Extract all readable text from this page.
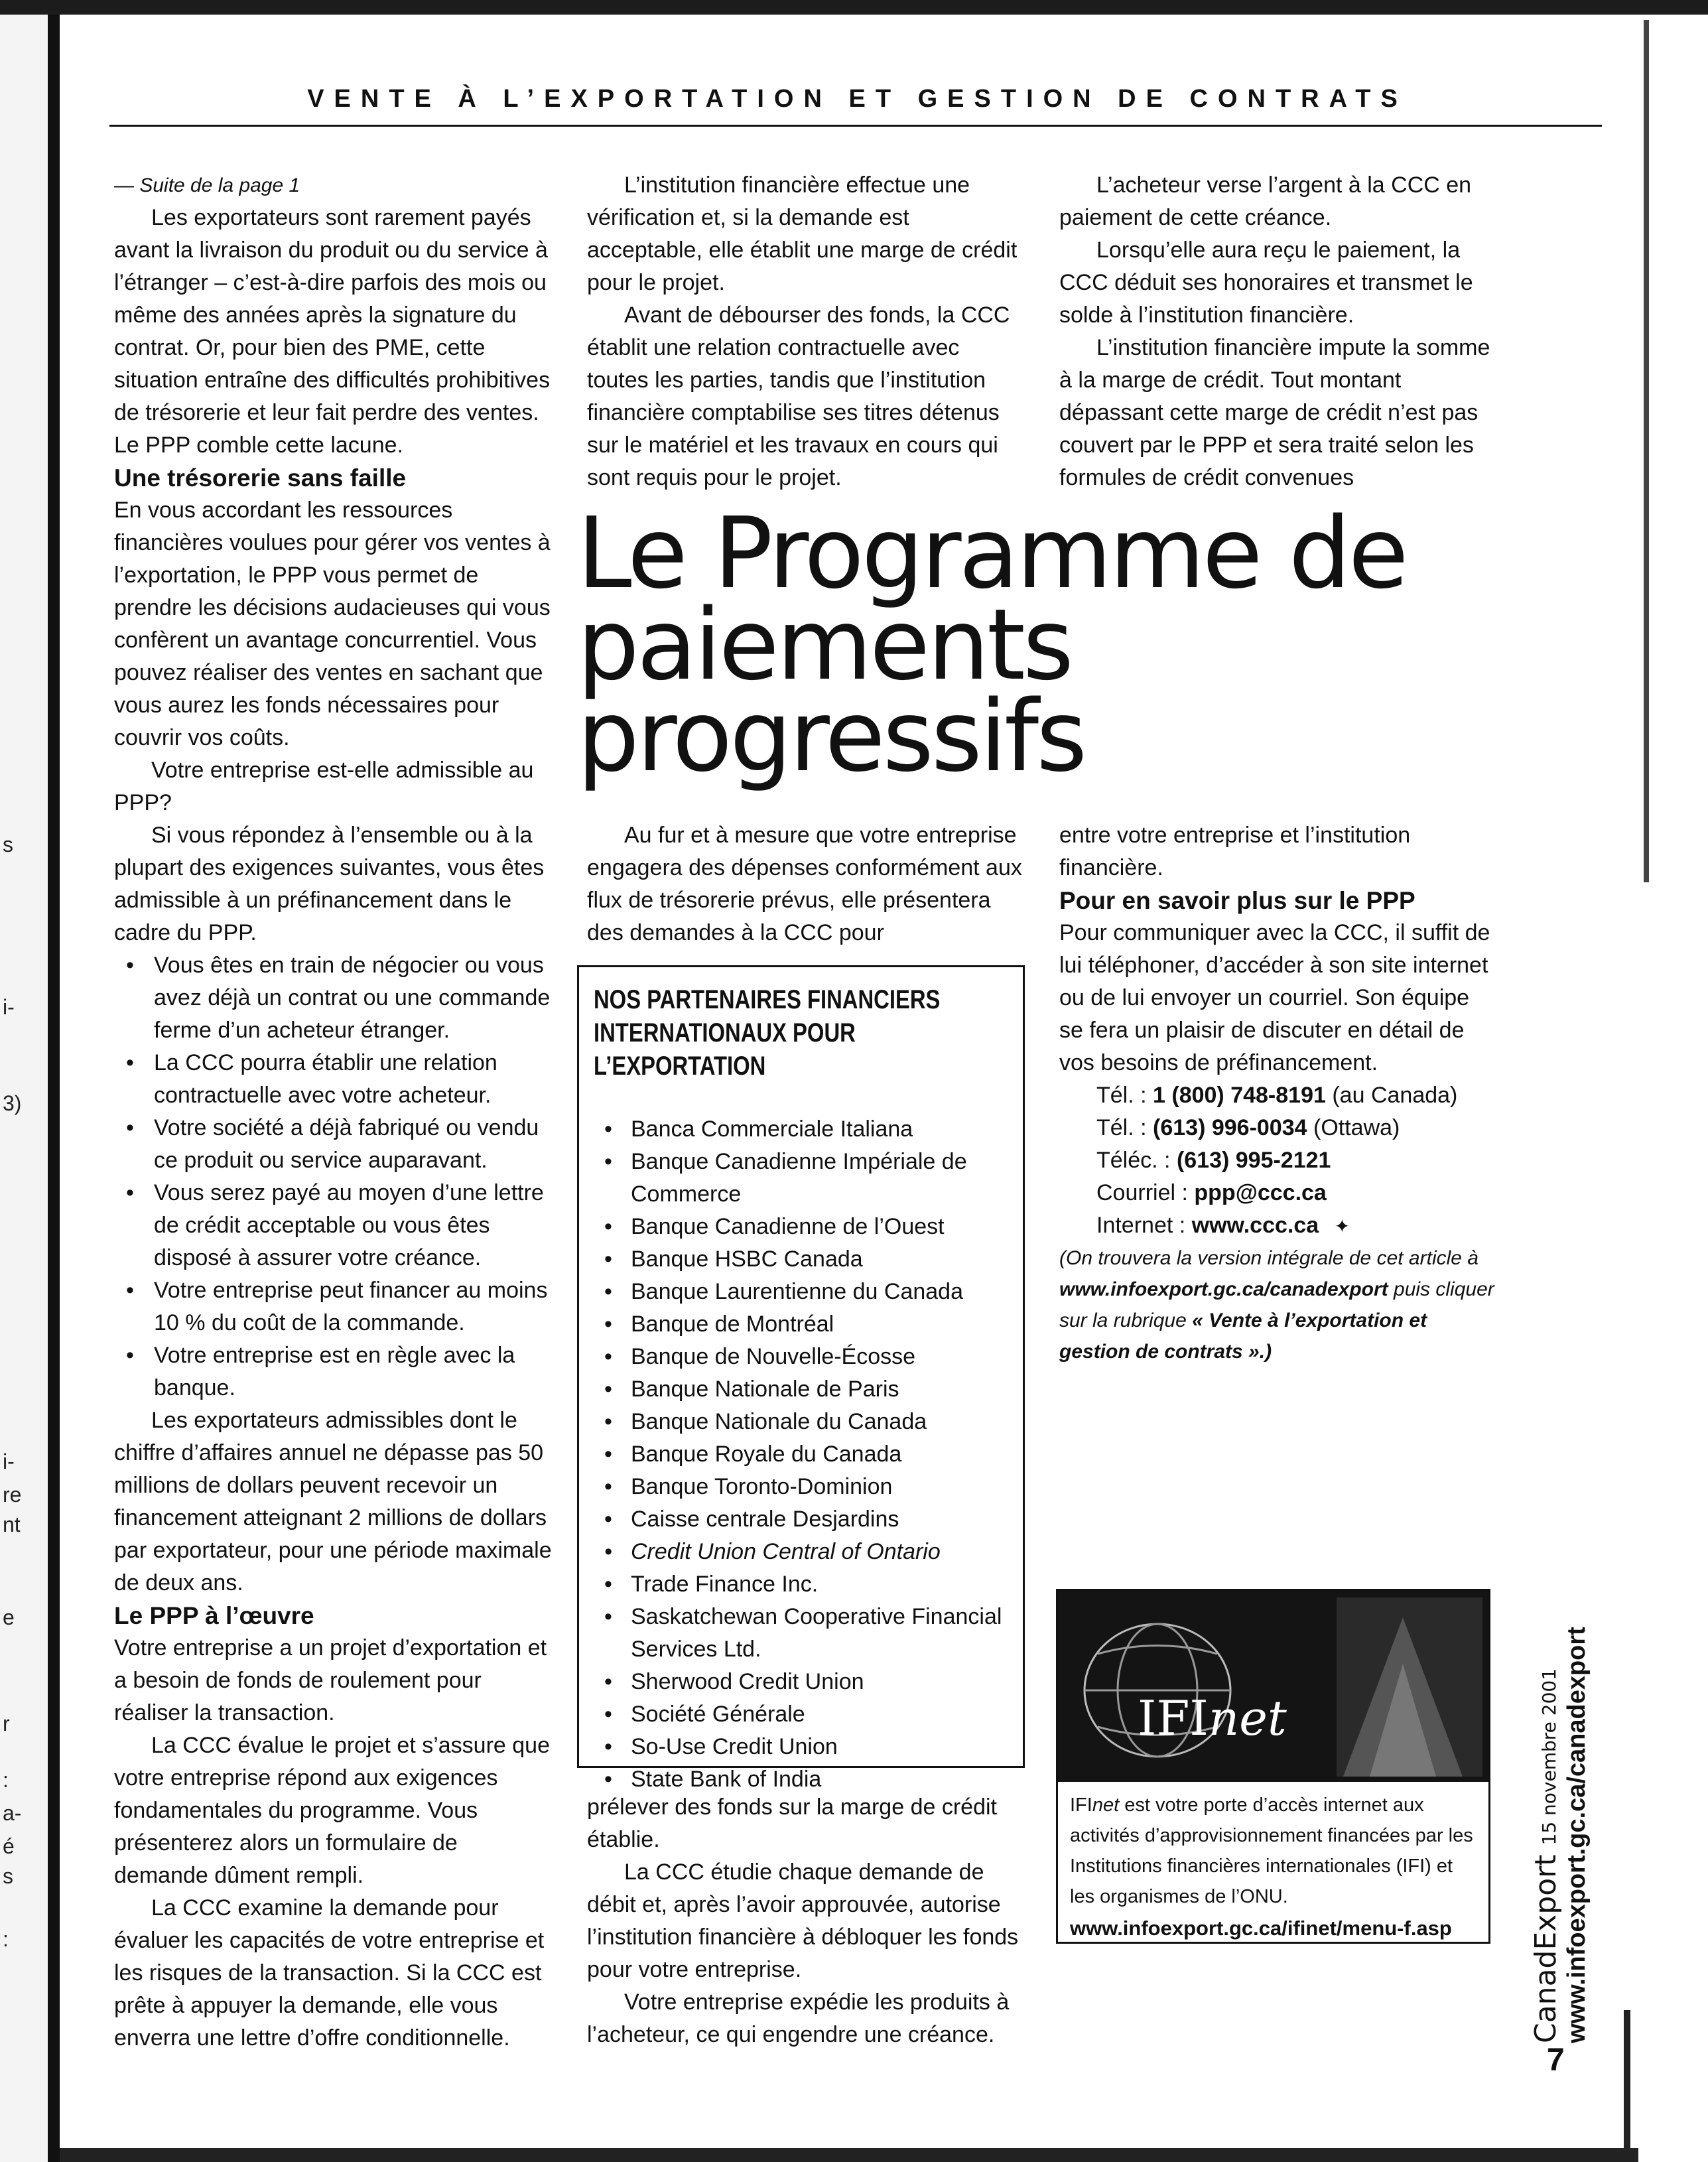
s
i-
3)
i-
re
nt
e
r
:
a-
é
s
:
VENTE À L’EXPORTATION ET GESTION DE CONTRATS

— Suite de la page 1

Les exportateurs sont rarement payés avant la livraison du produit ou du service à l’étranger – c’est-à-dire parfois des mois ou même des années après la signature du contrat. Or, pour bien des PME, cette situation entraîne des difficultés prohibitives de trésorerie et leur fait perdre des ventes. Le PPP comble cette lacune.

Une trésorerie sans faille

En vous accordant les ressources financières voulues pour gérer vos ventes à l’exportation, le PPP vous permet de prendre les décisions audacieuses qui vous confèrent un avantage concurrentiel. Vous pouvez réaliser des ventes en sachant que vous aurez les fonds nécessaires pour couvrir vos coûts.

Votre entreprise est-elle admissible au PPP?

Si vous répondez à l’ensemble ou à la plupart des exigences suivantes, vous êtes admissible à un préfinancement dans le cadre du PPP.

• Vous êtes en train de négocier ou vous avez déjà un contrat ou une commande ferme d’un acheteur étranger.
• La CCC pourra établir une relation contractuelle avec votre acheteur.
• Votre société a déjà fabriqué ou vendu ce produit ou service auparavant.
• Vous serez payé au moyen d’une lettre de crédit acceptable ou vous êtes disposé à assurer votre créance.
• Votre entreprise peut financer au moins 10 % du coût de la commande.
• Votre entreprise est en règle avec la banque.

Les exportateurs admissibles dont le chiffre d’affaires annuel ne dépasse pas 50 millions de dollars peuvent recevoir un financement atteignant 2 millions de dollars par exportateur, pour une période maximale de deux ans.

Le PPP à l’œuvre

Votre entreprise a un projet d’exportation et a besoin de fonds de roulement pour réaliser la transaction.

La CCC évalue le projet et s’assure que votre entreprise répond aux exigences fondamentales du programme. Vous présenterez alors un formulaire de demande dûment rempli.

La CCC examine la demande pour évaluer les capacités de votre entreprise et les risques de la transaction. Si la CCC est prête à appuyer la demande, elle vous enverra une lettre d’offre conditionnelle.

L’institution financière effectue une vérification et, si la demande est acceptable, elle établit une marge de crédit pour le projet.

Avant de débourser des fonds, la CCC établit une relation contractuelle avec toutes les parties, tandis que l’institution financière comptabilise ses titres détenus sur le matériel et les travaux en cours qui sont requis pour le projet.

L’acheteur verse l’argent à la CCC en paiement de cette créance.

Lorsqu’elle aura reçu le paiement, la CCC déduit ses honoraires et transmet le solde à l’institution financière.

L’institution financière impute la somme à la marge de crédit. Tout montant dépassant cette marge de crédit n’est pas couvert par le PPP et sera traité selon les formules de crédit convenues

Le Programme de
paiements progressifs

Au fur et à mesure que votre entreprise engagera des dépenses conformément aux flux de trésorerie prévus, elle présentera des demandes à la CCC pour

NOS PARTENAIRES FINANCIERS
INTERNATIONAUX POUR L’EXPORTATION
• Banca Commerciale Italiana
• Banque Canadienne Impériale de Commerce
• Banque Canadienne de l’Ouest
• Banque HSBC Canada
• Banque Laurentienne du Canada
• Banque de Montréal
• Banque de Nouvelle-Écosse
• Banque Nationale de Paris
• Banque Nationale du Canada
• Banque Royale du Canada
• Banque Toronto-Dominion
• Caisse centrale Desjardins
• Credit Union Central of Ontario
• Trade Finance Inc.
• Saskatchewan Cooperative Financial Services Ltd.
• Sherwood Credit Union
• Société Générale
• So-Use Credit Union
• State Bank of India

prélever des fonds sur la marge de crédit établie.

La CCC étudie chaque demande de débit et, après l’avoir approuvée, autorise l’institution financière à débloquer les fonds pour votre entreprise.

Votre entreprise expédie les produits à l’acheteur, ce qui engendre une créance.

entre votre entreprise et l’institution financière.

Pour en savoir plus sur le PPP

Pour communiquer avec la CCC, il suffit de lui téléphoner, d’accéder à son site internet ou de lui envoyer un courriel. Son équipe se fera un plaisir de discuter en détail de vos besoins de préfinancement.

Tél. : 1 (800) 748-8191 (au Canada)

Tél. : (613) 996-0034 (Ottawa)

Téléc. : (613) 995-2121

Courriel : ppp@ccc.ca

Internet : www.ccc.ca ✦

(On trouvera la version intégrale de cet article à www.infoexport.gc.ca/canadexport puis cliquer sur la rubrique « Vente à l’exportation et gestion de contrats ».)

IFInet
IFInet est votre porte d’accès internet aux activités d’approvisionnement financées par les Institutions financières internationales (IFI) et les organismes de l’ONU.
www.infoexport.gc.ca/ifinet/menu-f.asp	CanadExport 15 novembre 2001 www.infoexport.gc.ca/canadexport
7
